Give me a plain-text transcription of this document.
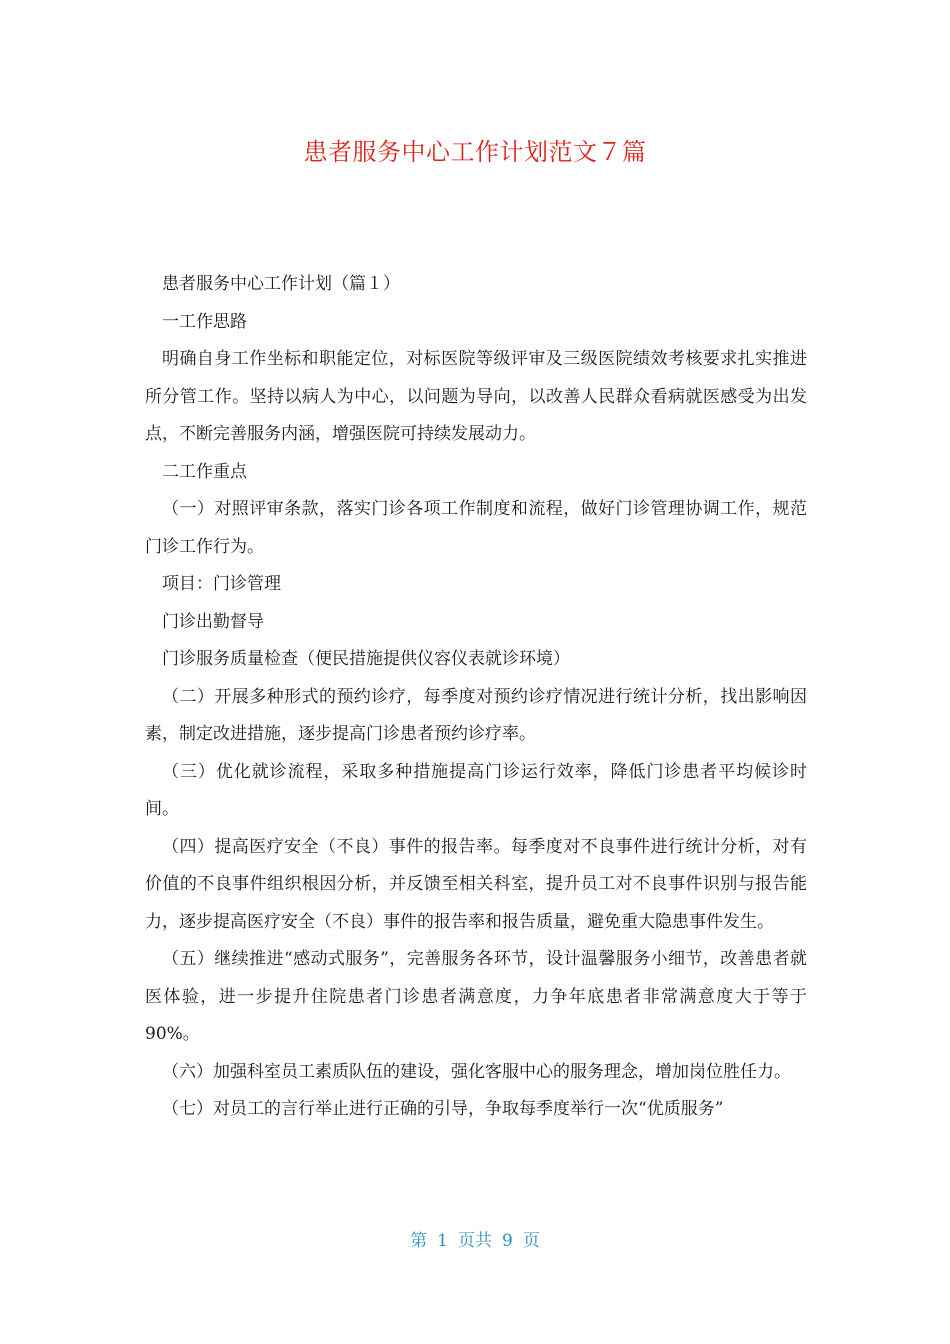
患者服务中心工作计划范文７篇

患者服务中心工作计划（篇１）

一工作思路

明确自身工作坐标和职能定位，对标医院等级评审及三级医院绩效考核要求扎实推进所分管工作。坚持以病人为中心，以问题为导向，以改善人民群众看病就医感受为出发点，不断完善服务内涵，增强医院可持续发展动力。

二工作重点

（一）对照评审条款，落实门诊各项工作制度和流程，做好门诊管理协调工作，规范门诊工作行为。

项目：门诊管理

门诊出勤督导

门诊服务质量检查（便民措施提供仪容仪表就诊环境）

（二）开展多种形式的预约诊疗，每季度对预约诊疗情况进行统计分析，找出影响因素，制定改进措施，逐步提高门诊患者预约诊疗率。

（三）优化就诊流程，采取多种措施提高门诊运行效率，降低门诊患者平均候诊时间。

（四）提高医疗安全（不良）事件的报告率。每季度对不良事件进行统计分析，对有价值的不良事件组织根因分析，并反馈至相关科室，提升员工对不良事件识别与报告能力，逐步提高医疗安全（不良）事件的报告率和报告质量，避免重大隐患事件发生。

（五）继续推进“感动式服务”，完善服务各环节，设计温馨服务小细节，改善患者就医体验，进一步提升住院患者门诊患者满意度，力争年底患者非常满意度大于等于 90%。

（六）加强科室员工素质队伍的建设，强化客服中心的服务理念，增加岗位胜任力。

（七）对员工的言行举止进行正确的引导，争取每季度举行一次“优质服务”

第 1 页共 9 页
